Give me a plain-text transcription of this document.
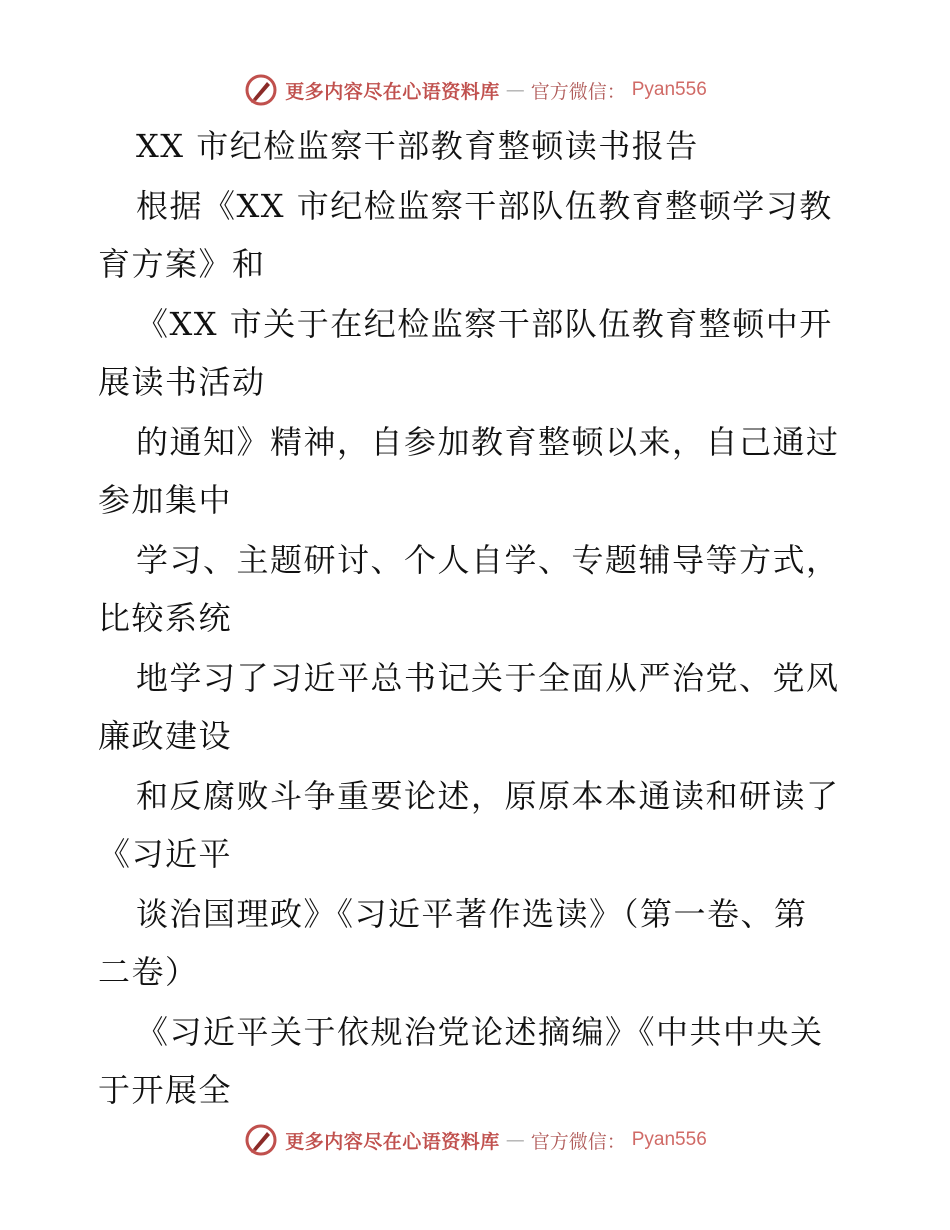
更多内容尽在心语资料库 — 官方微信： Pyan556
XX 市纪检监察干部教育整顿读书报告
根据《XX 市纪检监察干部队伍教育整顿学习教
育方案》和
《XX 市关于在纪检监察干部队伍教育整顿中开
展读书活动
的通知》精神，自参加教育整顿以来，自己通过
参加集中
学习、主题研讨、个人自学、专题辅导等方式，
比较系统
地学习了习近平总书记关于全面从严治党、党风
廉政建设
和反腐败斗争重要论述，原原本本通读和研读了
《习近平
谈治国理政》《习近平著作选读》（第一卷、第
二卷）
《习近平关于依规治党论述摘编》《中共中央关
于开展全
更多内容尽在心语资料库 — 官方微信： Pyan556
